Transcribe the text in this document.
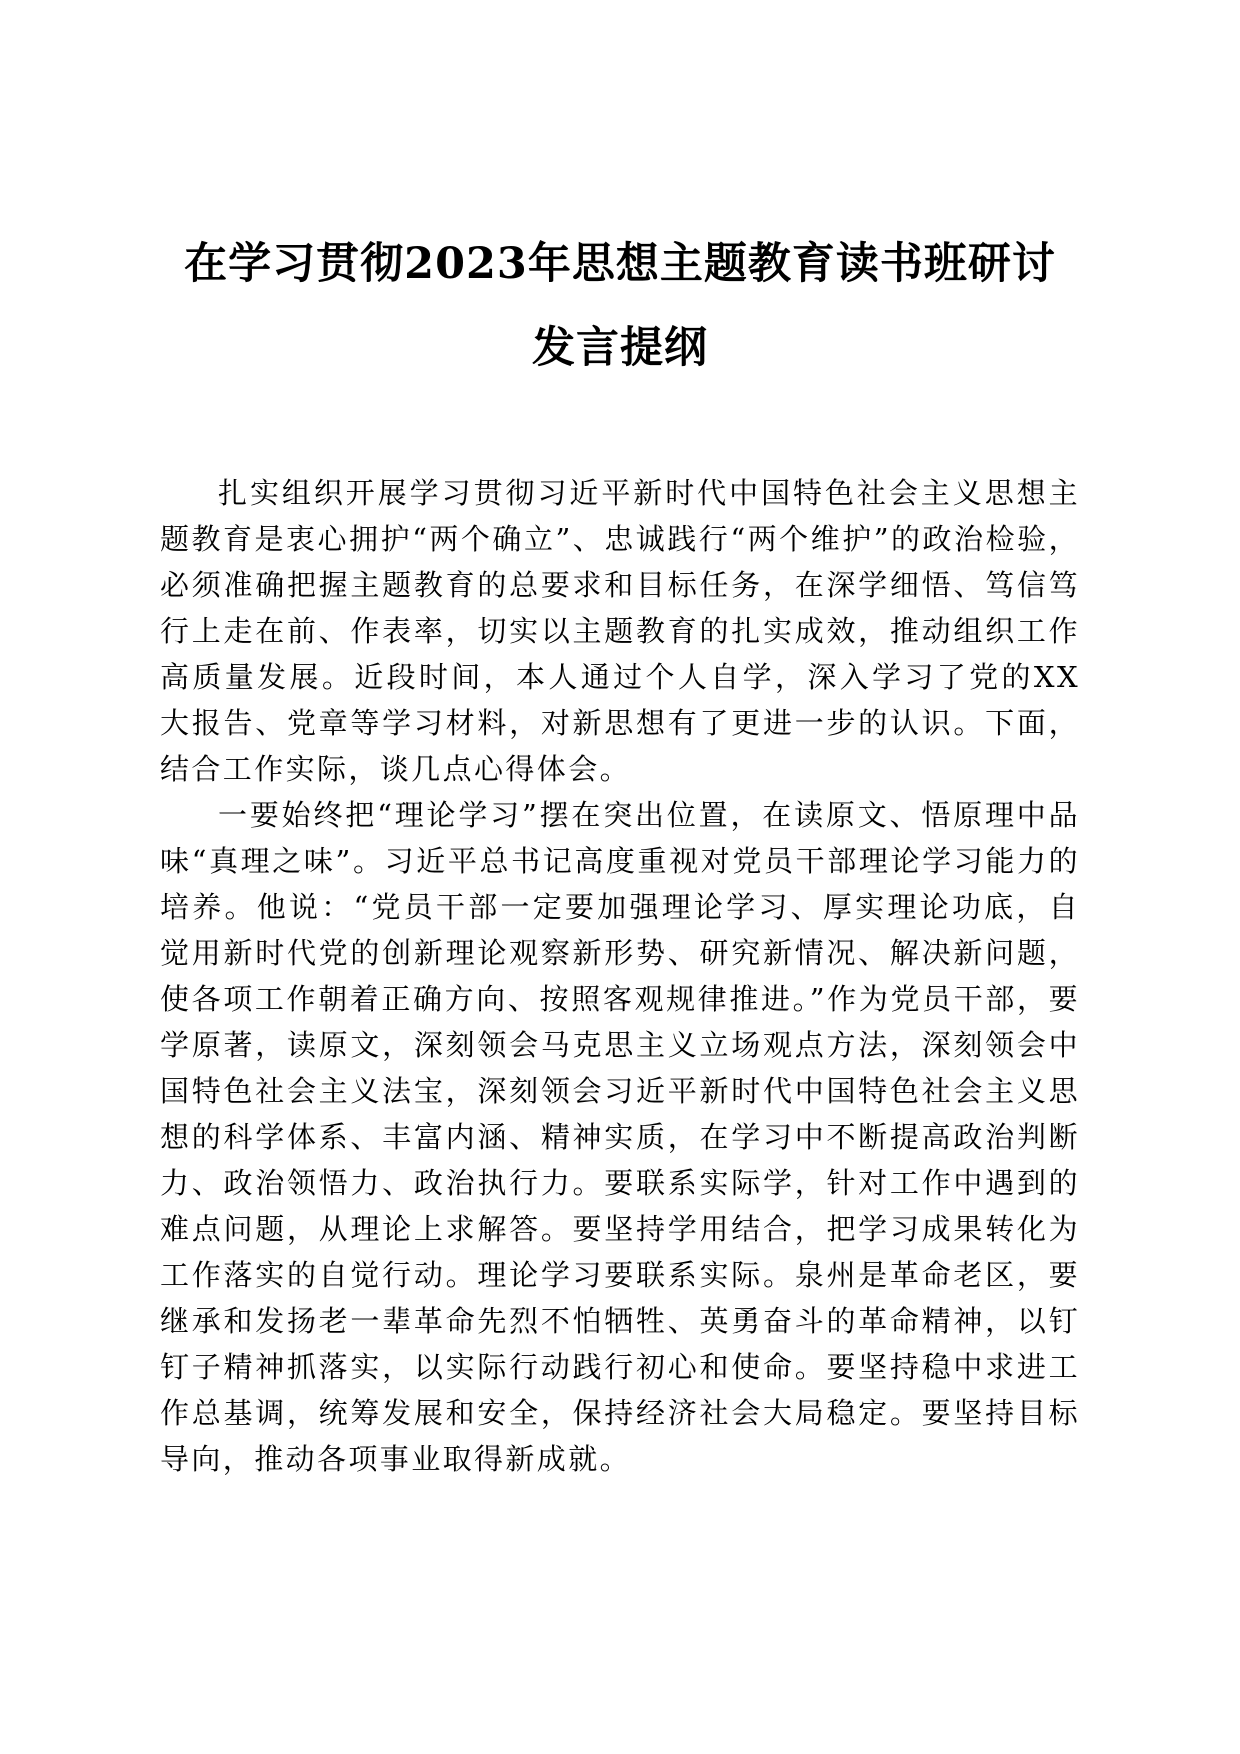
在学习贯彻2023年思想主题教育读书班研讨
发言提纲

扎实组织开展学习贯彻习近平新时代中国特色社会主义思想主题教育是衷心拥护“两个确立”、忠诚践行“两个维护”的政治检验，必须准确把握主题教育的总要求和目标任务，在深学细悟、笃信笃行上走在前、作表率，切实以主题教育的扎实成效，推动组织工作高质量发展。近段时间，本人通过个人自学，深入学习了党的XX大报告、党章等学习材料，对新思想有了更进一步的认识。下面，结合工作实际，谈几点心得体会。

一要始终把“理论学习”摆在突出位置，在读原文、悟原理中品味“真理之味”。习近平总书记高度重视对党员干部理论学习能力的培养。他说：“党员干部一定要加强理论学习、厚实理论功底，自觉用新时代党的创新理论观察新形势、研究新情况、解决新问题，使各项工作朝着正确方向、按照客观规律推进。”作为党员干部，要学原著，读原文，深刻领会马克思主义立场观点方法，深刻领会中国特色社会主义法宝，深刻领会习近平新时代中国特色社会主义思想的科学体系、丰富内涵、精神实质，在学习中不断提高政治判断力、政治领悟力、政治执行力。要联系实际学，针对工作中遇到的难点问题，从理论上求解答。要坚持学用结合，把学习成果转化为工作落实的自觉行动。理论学习要联系实际。泉州是革命老区，要继承和发扬老一辈革命先烈不怕牺牲、英勇奋斗的革命精神，以钉钉子精神抓落实，以实际行动践行初心和使命。要坚持稳中求进工作总基调，统筹发展和安全，保持经济社会大局稳定。要坚持目标导向，推动各项事业取得新成就。
